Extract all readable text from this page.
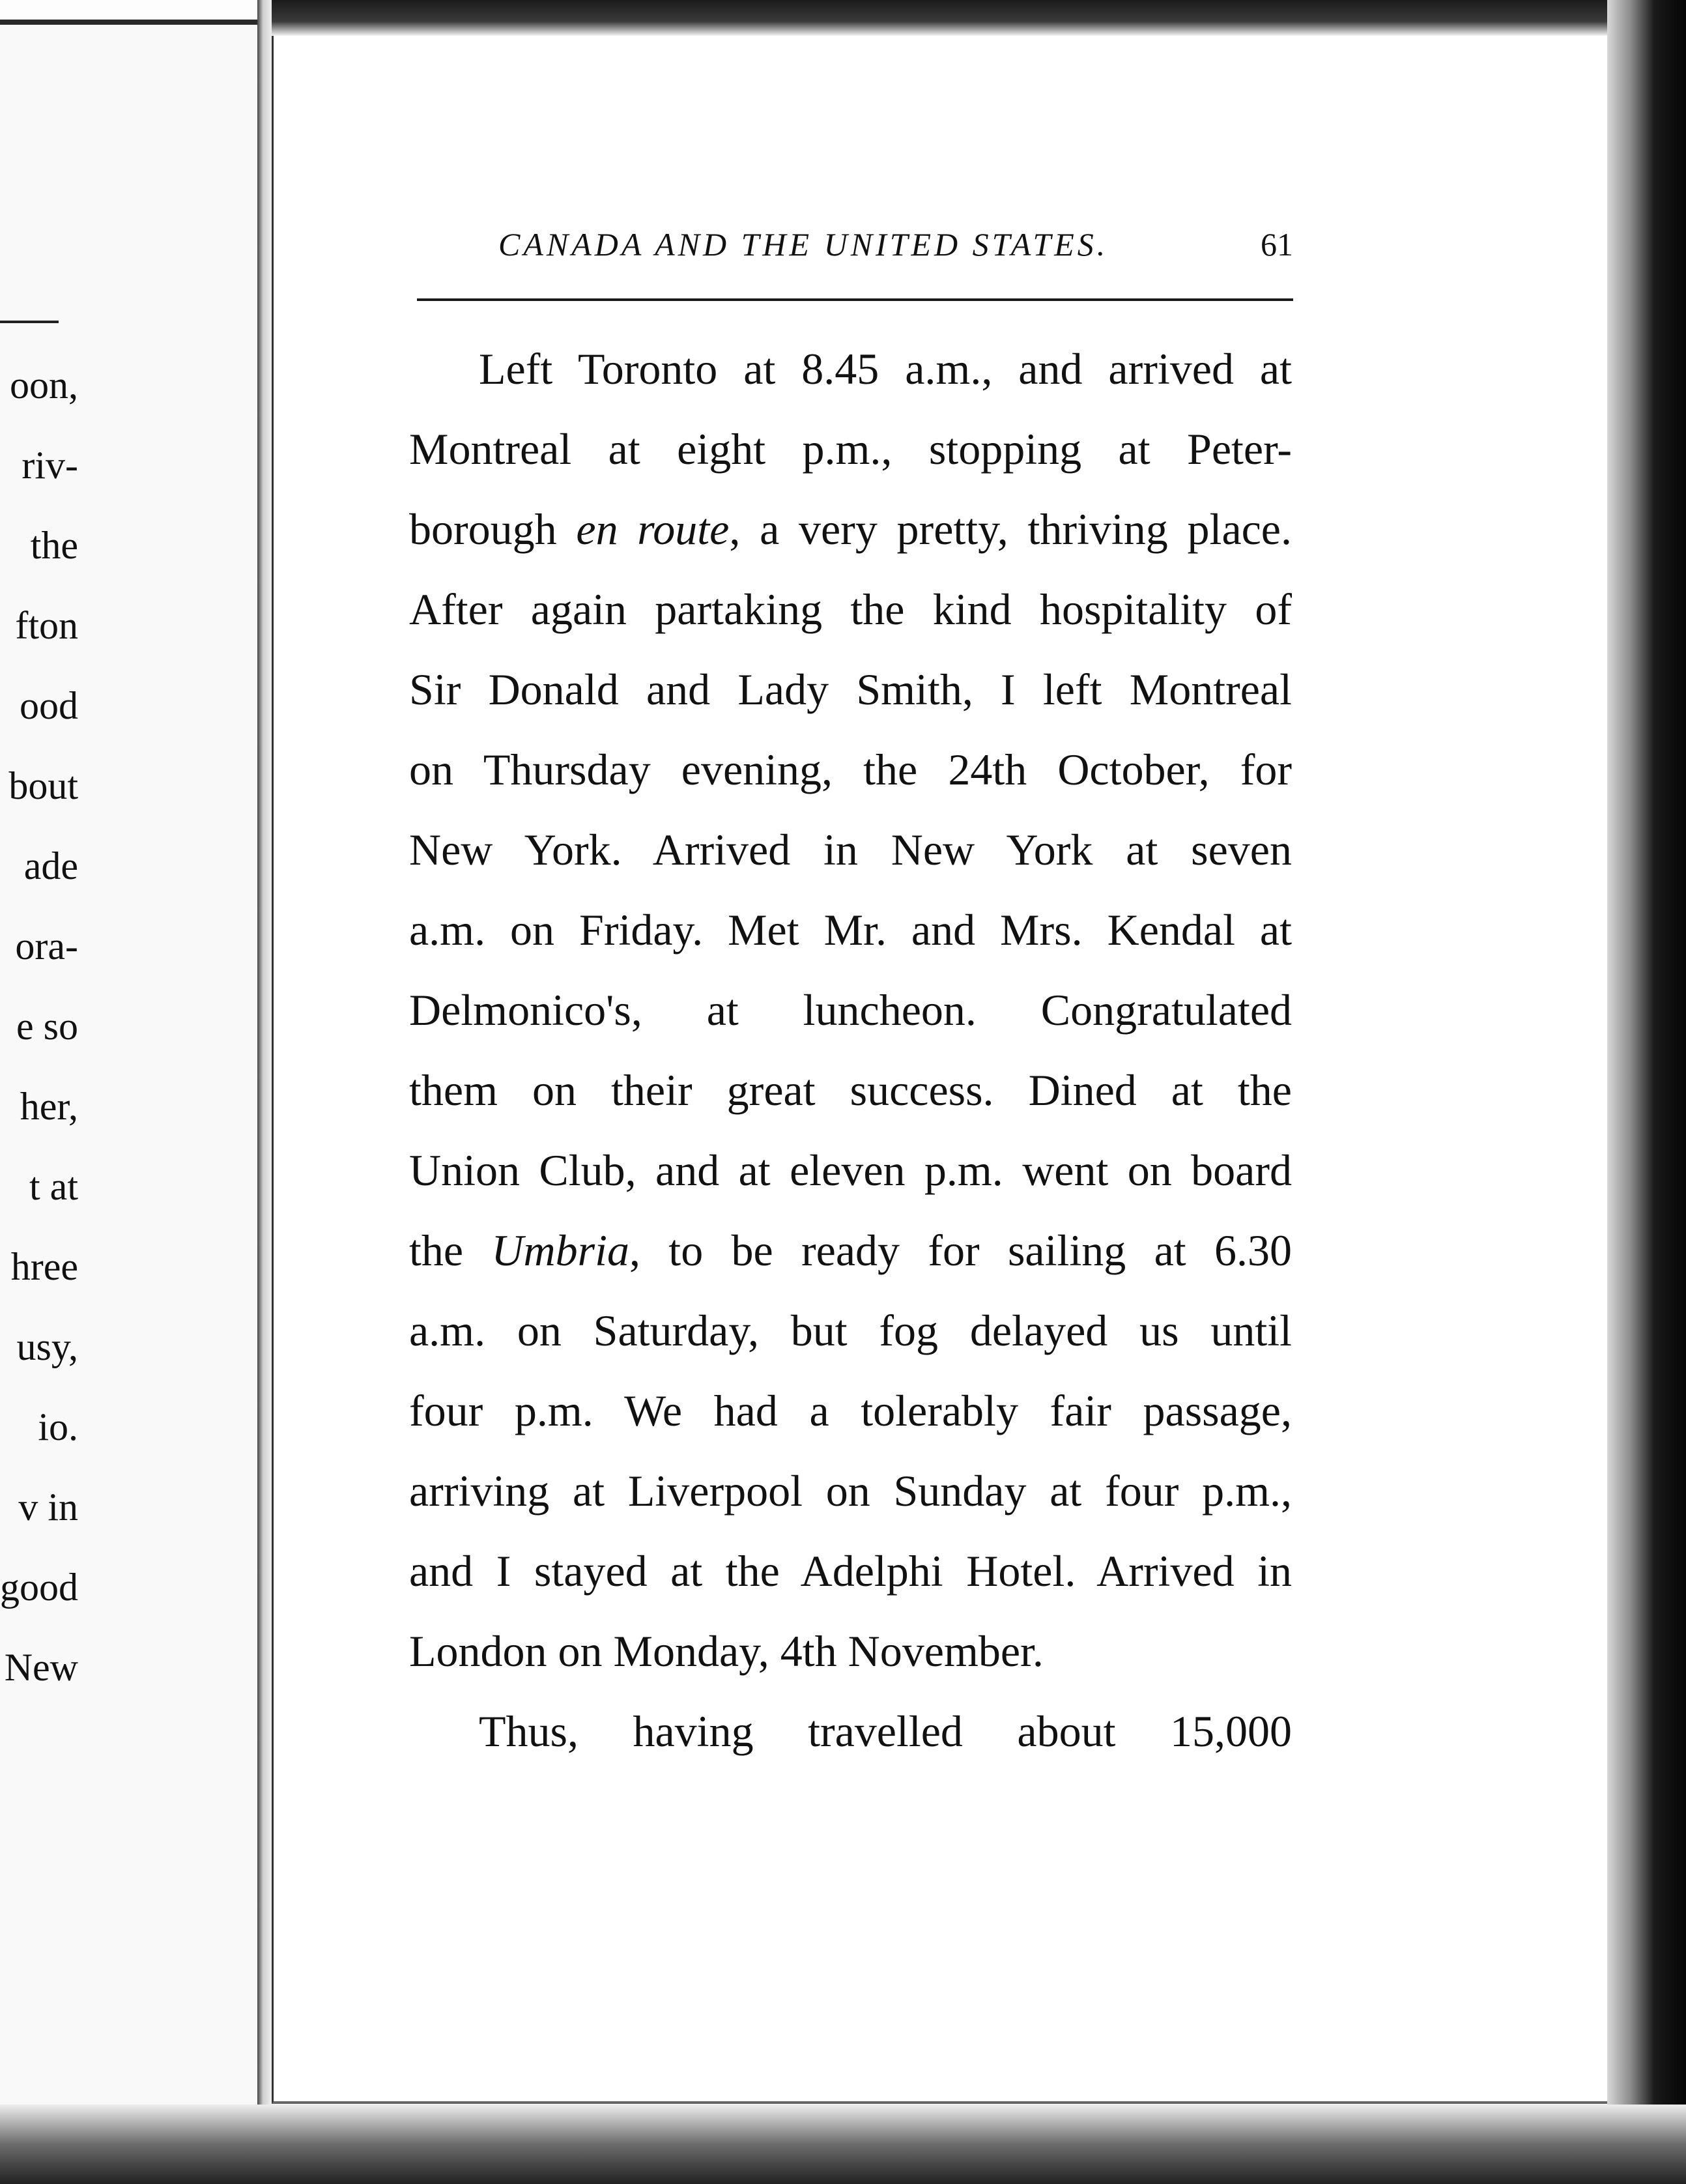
oon,
riv-
the
fton
ood
bout
ade
ora-
e so
her,
t at
hree
usy,
io.
v in
good
New
CANADA AND THE UNITED STATES.	61
Left Toronto at 8.45 a.m., and arrived at
Montreal at eight p.m., stopping at Peter-
borough en route, a very pretty, thriving place.
After again partaking the kind hospitality of
Sir Donald and Lady Smith, I left Montreal
on Thursday evening, the 24th October, for
New York. Arrived in New York at seven
a.m. on Friday. Met Mr. and Mrs. Kendal at
Delmonico's, at luncheon. Congratulated
them on their great success. Dined at the
Union Club, and at eleven p.m. went on board
the Umbria, to be ready for sailing at 6.30
a.m. on Saturday, but fog delayed us until
four p.m. We had a tolerably fair passage,
arriving at Liverpool on Sunday at four p.m.,
and I stayed at the Adelphi Hotel. Arrived in
London on Monday, 4th November.
Thus, having travelled about 15,000
